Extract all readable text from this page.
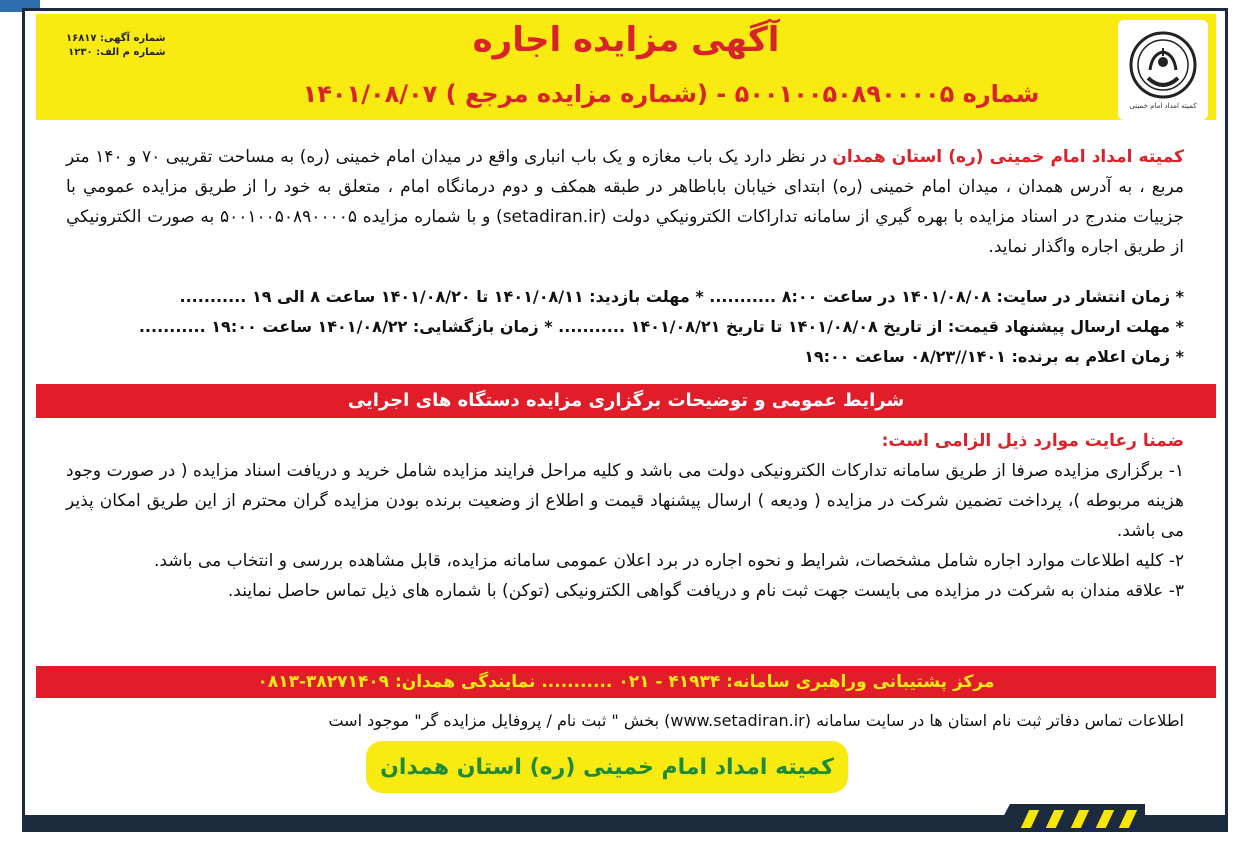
شماره آگهی: ۱۶۸۱۷
شماره م الف: ۱۲۳۰	آگهی مزایده اجاره
شماره ۵۰۰۱۰۰۵۰۸۹۰۰۰۰۵ - (شماره مزایده مرجع ) ۱۴۰۱/۰۸/۰۷	کمیته امداد امام خمینی
کمیته امداد امام خمینی (ره) استان همدان در نظر دارد یک باب مغازه و یک باب انباری واقع در میدان امام خمینی (ره) به مساحت تقریبی ۷۰ و ۱۴۰ متر مربع ، به آدرس همدان ، میدان امام خمینی (ره) ابتدای خیابان باباطاهر در طبقه همکف و دوم درمانگاه امام ، متعلق به خود را از طریق مزایده عمومي با جزییات مندرج در اسناد مزایده با بهره گیري از سامانه تداراکات الکترونیکي دولت (setadiran.ir) و با شماره مزایده ۵۰۰۱۰۰۵۰۸۹۰۰۰۰۵ به صورت الکترونیکي از طریق اجاره واگذار نماید.
* زمان انتشار در سایت: ۱۴۰۱/۰۸/۰۸ در ساعت ۸:۰۰ ........... * مهلت بازدید: ۱۴۰۱/۰۸/۱۱ تا ۱۴۰۱/۰۸/۲۰ ساعت ۸ الی ۱۹ ...........
* مهلت ارسال پیشنهاد قیمت: از تاریخ ۱۴۰۱/۰۸/۰۸ تا تاریخ ۱۴۰۱/۰۸/۲۱ ........... * زمان بازگشایی: ۱۴۰۱/۰۸/۲۲ ساعت ۱۹:۰۰ ...........
* زمان اعلام به برنده: ۱۴۰۱//۰۸/۲۳ ساعت ۱۹:۰۰
شرایط عمومی و توضیحات برگزاری مزایده دستگاه های اجرایی
ضمنا رعایت موارد ذیل الزامی است:
۱- برگزاری مزایده صرفا از طریق سامانه تدارکات الکترونیکی دولت می باشد و کلیه مراحل فرایند مزایده شامل خرید و دریافت اسناد مزایده ( در صورت وجود هزینه مربوطه )، پرداخت تضمین شرکت در مزایده ( ودیعه ) ارسال پیشنهاد قیمت و اطلاع از وضعیت برنده بودن مزایده گران محترم از این طریق امکان پذیر می باشد.
۲- کلیه اطلاعات موارد اجاره شامل مشخصات، شرایط و نحوه اجاره در برد اعلان عمومی سامانه مزایده، قابل مشاهده بررسی و انتخاب می باشد.
۳- علاقه مندان به شرکت در مزایده می بایست جهت ثبت نام و دریافت گواهی الکترونیکی (توکن) با شماره های ذیل تماس حاصل نمایند.
مرکز پشتیبانی وراهبری سامانه: ۴۱۹۳۴ - ۰۲۱ ........... نمایندگی همدان: ۳۸۲۷۱۴۰۹-۰۸۱۳
اطلاعات تماس دفاتر ثبت نام استان ها در سایت سامانه (www.setadiran.ir) بخش " ثبت نام / پروفایل مزایده گر" موجود است
کمیته امداد امام خمینی (ره) استان همدان
